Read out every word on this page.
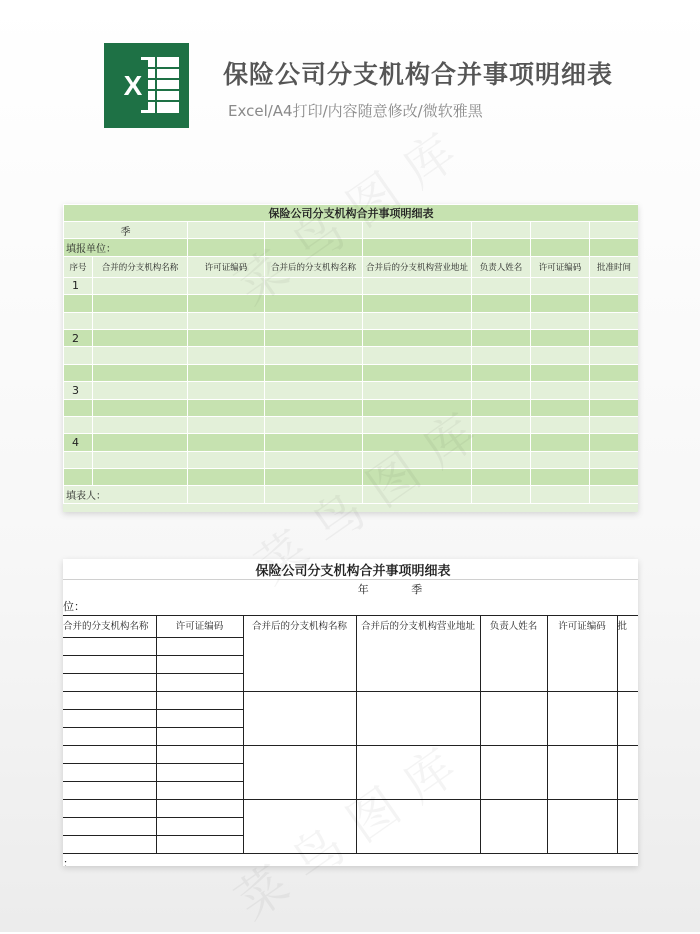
X	保险公司分支机构合并事项明细表
Excel/A4打印/内容随意修改/微软雅黑
保险公司分支机构合并事项明细表							
季							
填报单位：							
序号	合并的分支机构名称	许可证编码	合并后的分支机构名称	合并后的分支机构营业地址	负责人姓名	许可证编码	批准时间
1							

2							

3							

4							

填表人：							
保险公司分支机构合并事项明细表						
		年 季				
位：						
合并的分支机构名称	许可证编码	合并后的分支机构名称	合并后的分支机构营业地址	负责人姓名	许可证编码	批

：						
